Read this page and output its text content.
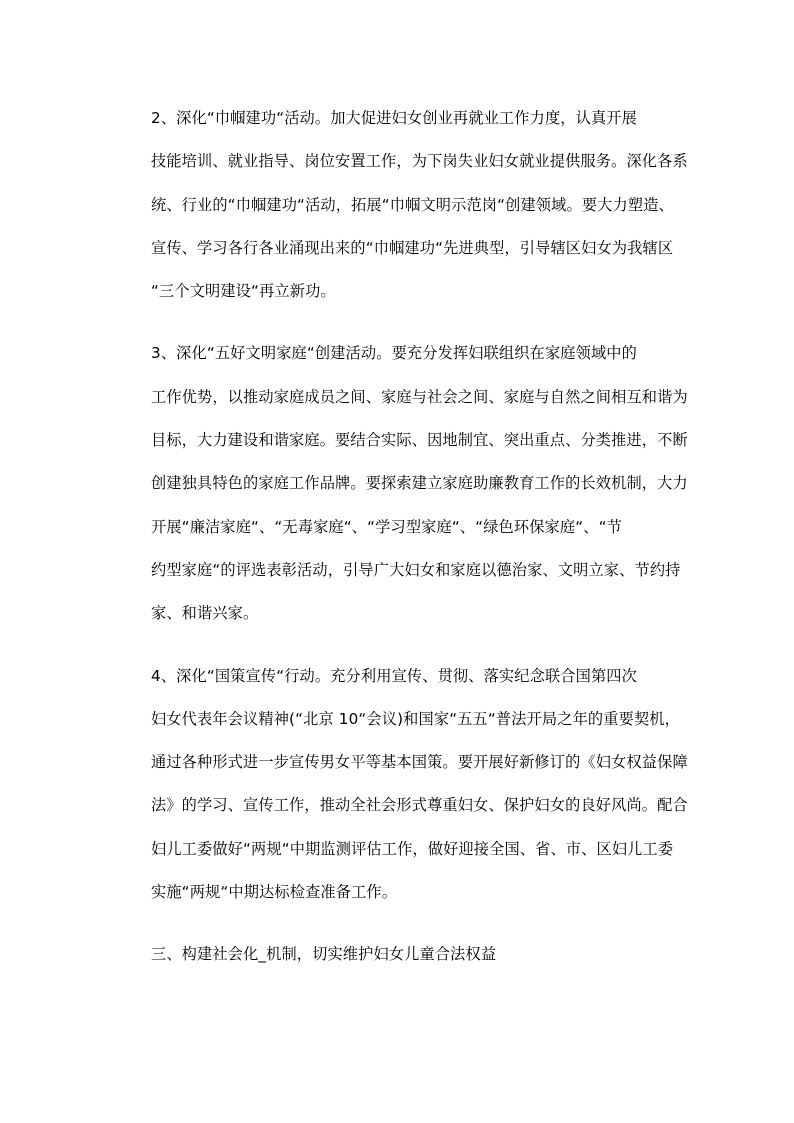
2、深化“巾帼建功“活动。加大促进妇女创业再就业工作力度，认真开展
技能培训、就业指导、岗位安置工作，为下岗失业妇女就业提供服务。深化各系
统、行业的“巾帼建功“活动，拓展“巾帼文明示范岗“创建领域。要大力塑造、
宣传、学习各行各业涌现出来的“巾帼建功“先进典型，引导辖区妇女为我辖区
“三个文明建设“再立新功。

3、深化“五好文明家庭“创建活动。要充分发挥妇联组织在家庭领域中的
工作优势，以推动家庭成员之间、家庭与社会之间、家庭与自然之间相互和谐为
目标，大力建设和谐家庭。要结合实际、因地制宜、突出重点、分类推进，不断
创建独具特色的家庭工作品牌。要探索建立家庭助廉教育工作的长效机制，大力
开展“廉洁家庭“、“无毒家庭“、“学习型家庭“、“绿色环保家庭“、“节
约型家庭“的评选表彰活动，引导广大妇女和家庭以德治家、文明立家、节约持
家、和谐兴家。

4、深化“国策宣传“行动。充分利用宣传、贯彻、落实纪念联合国第四次
妇女代表年会议精神(“北京 10“会议)和国家“五五“普法开局之年的重要契机，
通过各种形式进一步宣传男女平等基本国策。要开展好新修订的《妇女权益保障
法》的学习、宣传工作，推动全社会形式尊重妇女、保护妇女的良好风尚。配合
妇儿工委做好“两规“中期监测评估工作，做好迎接全国、省、市、区妇儿工委
实施“两规“中期达标检查准备工作。

三、构建社会化_机制，切实维护妇女儿童合法权益
